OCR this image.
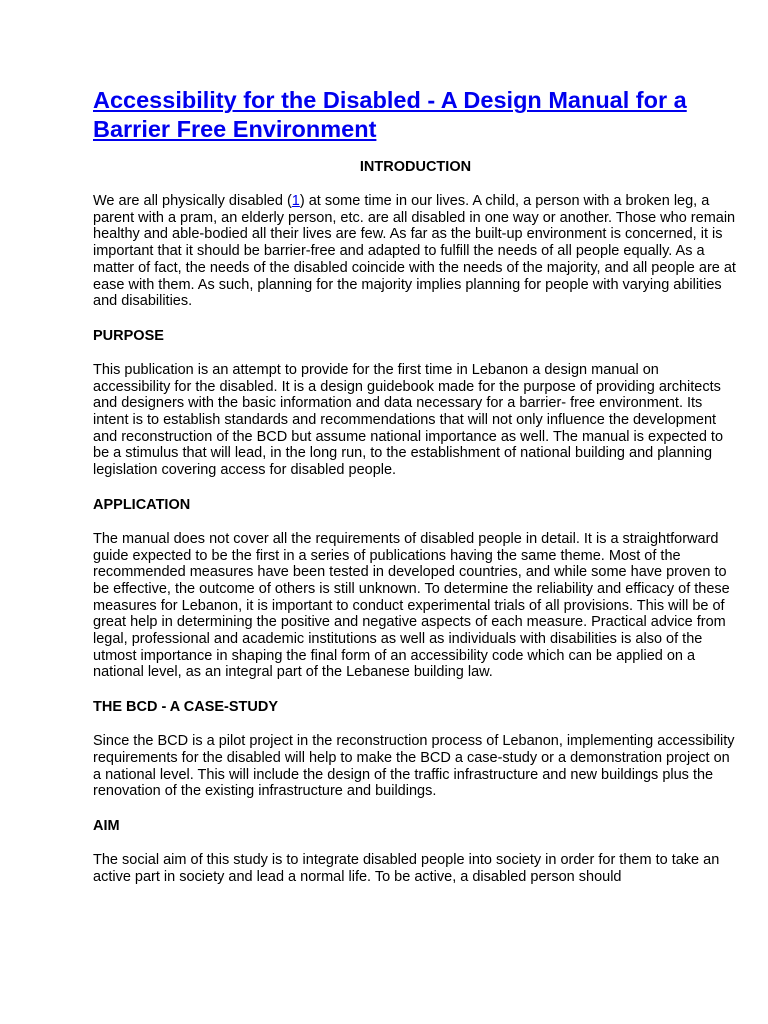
Accessibility for the Disabled - A Design Manual for a Barrier Free Environment
INTRODUCTION

We are all physically disabled (1) at some time in our lives. A child, a person with a broken leg, a parent with a pram, an elderly person, etc. are all disabled in one way or another. Those who remain healthy and able-bodied all their lives are few. As far as the built-up environment is concerned, it is important that it should be barrier-free and adapted to fulfill the needs of all people equally. As a matter of fact, the needs of the disabled coincide with the needs of the majority, and all people are at ease with them. As such, planning for the majority implies planning for people with varying abilities and disabilities.

PURPOSE

This publication is an attempt to provide for the first time in Lebanon a design manual on accessibility for the disabled. It is a design guidebook made for the purpose of providing architects and designers with the basic information and data necessary for a barrier- free environment. Its intent is to establish standards and recommendations that will not only influence the development and reconstruction of the BCD but assume national importance as well. The manual is expected to be a stimulus that will lead, in the long run, to the establishment of national building and planning legislation covering access for disabled people.

APPLICATION

The manual does not cover all the requirements of disabled people in detail. It is a straightforward guide expected to be the first in a series of publications having the same theme. Most of the recommended measures have been tested in developed countries, and while some have proven to be effective, the outcome of others is still unknown. To determine the reliability and efficacy of these measures for Lebanon, it is important to conduct experimental trials of all provisions. This will be of great help in determining the positive and negative aspects of each measure. Practical advice from legal, professional and academic institutions as well as individuals with disabilities is also of the utmost importance in shaping the final form of an accessibility code which can be applied on a national level, as an integral part of the Lebanese building law.

THE BCD - A CASE-STUDY

Since the BCD is a pilot project in the reconstruction process of Lebanon, implementing accessibility requirements for the disabled will help to make the BCD a case-study or a demonstration project on a national level. This will include the design of the traffic infrastructure and new buildings plus the renovation of the existing infrastructure and buildings.

AIM

The social aim of this study is to integrate disabled people into society in order for them to take an active part in society and lead a normal life. To be active, a disabled person should
